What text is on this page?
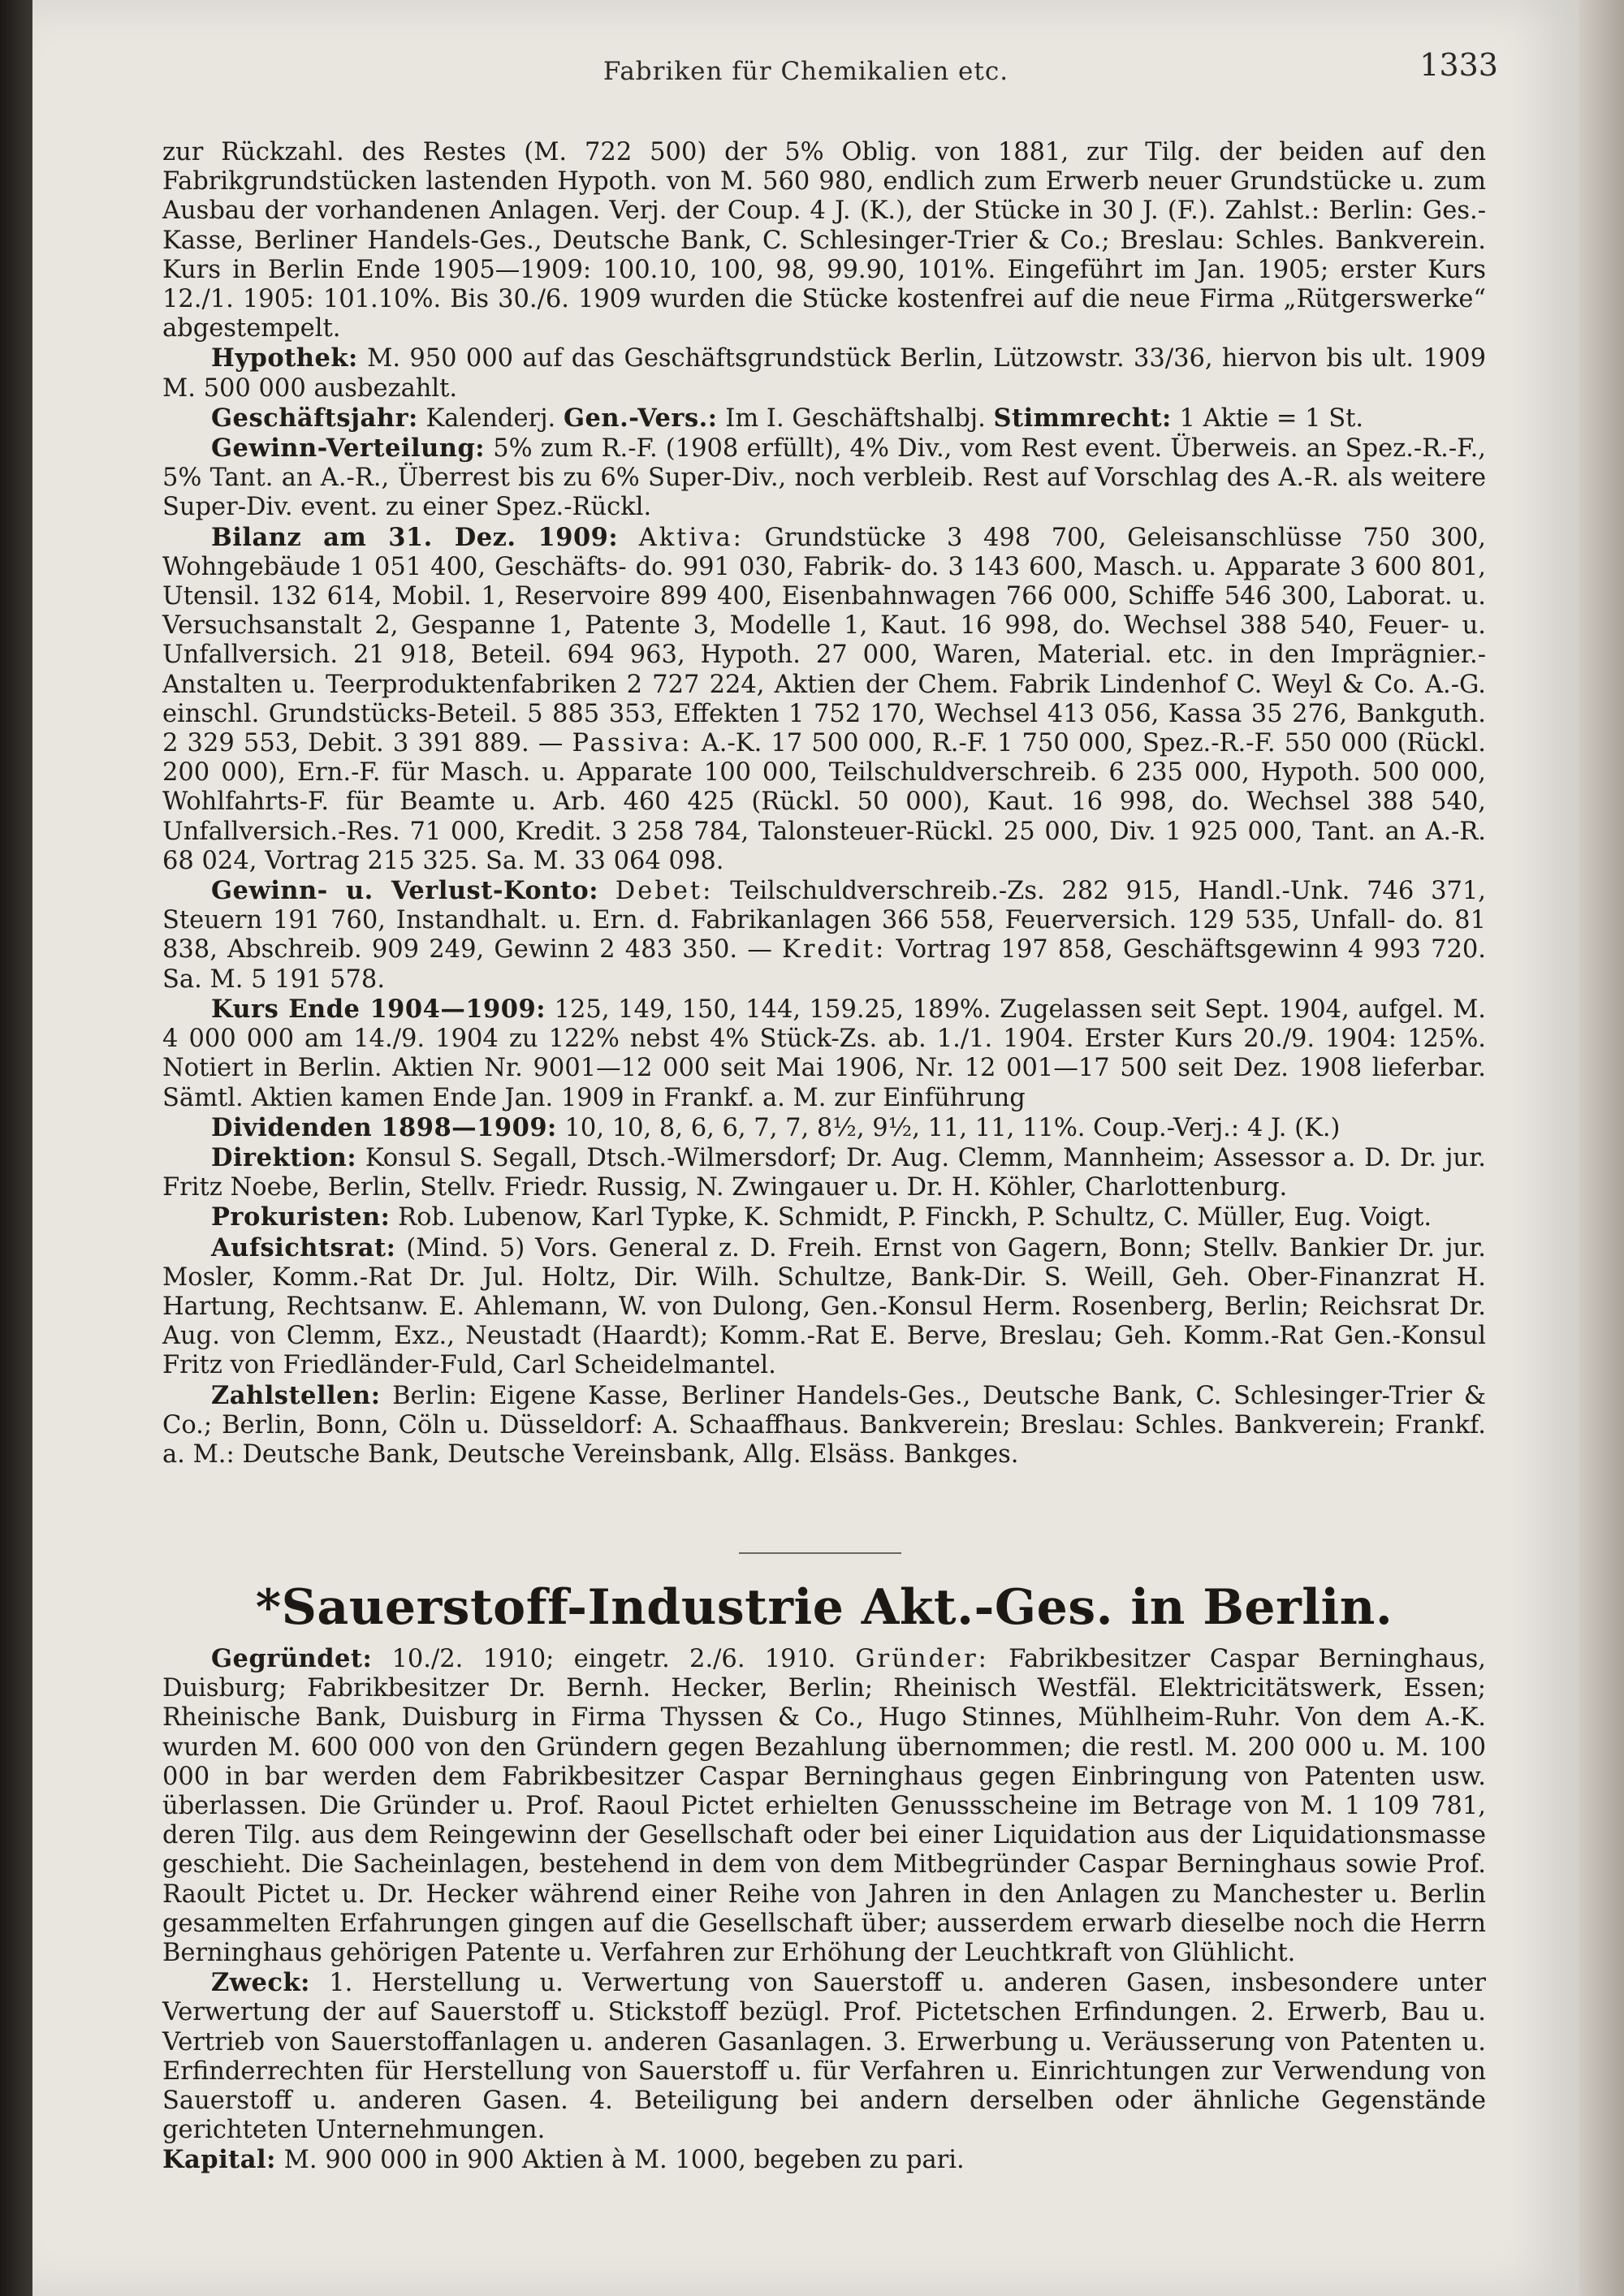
Fabriken für Chemikalien etc.	1333

zur Rückzahl. des Restes (M. 722 500) der 5% Oblig. von 1881, zur Tilg. der beiden auf den Fabrikgrundstücken lastenden Hypoth. von M. 560 980, endlich zum Erwerb neuer Grundstücke u. zum Ausbau der vorhandenen Anlagen. Verj. der Coup. 4 J. (K.), der Stücke in 30 J. (F.). Zahlst.: Berlin: Ges.-Kasse, Berliner Handels-Ges., Deutsche Bank, C. Schlesinger-Trier & Co.; Breslau: Schles. Bankverein. Kurs in Berlin Ende 1905—1909: 100.10, 100, 98, 99.90, 101%. Eingeführt im Jan. 1905; erster Kurs 12./1. 1905: 101.10%. Bis 30./6. 1909 wurden die Stücke kostenfrei auf die neue Firma „Rütgerswerke“ abgestempelt.

Hypothek: M. 950 000 auf das Geschäftsgrundstück Berlin, Lützowstr. 33/36, hiervon bis ult. 1909 M. 500 000 ausbezahlt.

Geschäftsjahr: Kalenderj. Gen.-Vers.: Im I. Geschäftshalbj. Stimmrecht: 1 Aktie = 1 St.

Gewinn-Verteilung: 5% zum R.-F. (1908 erfüllt), 4% Div., vom Rest event. Überweis. an Spez.-R.-F., 5% Tant. an A.-R., Überrest bis zu 6% Super-Div., noch verbleib. Rest auf Vorschlag des A.-R. als weitere Super-Div. event. zu einer Spez.-Rückl.

Bilanz am 31. Dez. 1909: Aktiva: Grundstücke 3 498 700, Geleisanschlüsse 750 300, Wohngebäude 1 051 400, Geschäfts- do. 991 030, Fabrik- do. 3 143 600, Masch. u. Apparate 3 600 801, Utensil. 132 614, Mobil. 1, Reservoire 899 400, Eisenbahnwagen 766 000, Schiffe 546 300, Laborat. u. Versuchsanstalt 2, Gespanne 1, Patente 3, Modelle 1, Kaut. 16 998, do. Wechsel 388 540, Feuer- u. Unfallversich. 21 918, Beteil. 694 963, Hypoth. 27 000, Waren, Material. etc. in den Imprägnier.-Anstalten u. Teerproduktenfabriken 2 727 224, Aktien der Chem. Fabrik Lindenhof C. Weyl & Co. A.-G. einschl. Grundstücks-Beteil. 5 885 353, Effekten 1 752 170, Wechsel 413 056, Kassa 35 276, Bankguth. 2 329 553, Debit. 3 391 889. — Passiva: A.-K. 17 500 000, R.-F. 1 750 000, Spez.-R.-F. 550 000 (Rückl. 200 000), Ern.-F. für Masch. u. Apparate 100 000, Teilschuldverschreib. 6 235 000, Hypoth. 500 000, Wohlfahrts-F. für Beamte u. Arb. 460 425 (Rückl. 50 000), Kaut. 16 998, do. Wechsel 388 540, Unfallversich.-Res. 71 000, Kredit. 3 258 784, Talonsteuer-Rückl. 25 000, Div. 1 925 000, Tant. an A.-R. 68 024, Vortrag 215 325. Sa. M. 33 064 098.

Gewinn- u. Verlust-Konto: Debet: Teilschuldverschreib.-Zs. 282 915, Handl.-Unk. 746 371, Steuern 191 760, Instandhalt. u. Ern. d. Fabrikanlagen 366 558, Feuerversich. 129 535, Unfall- do. 81 838, Abschreib. 909 249, Gewinn 2 483 350. — Kredit: Vortrag 197 858, Geschäftsgewinn 4 993 720. Sa. M. 5 191 578.

Kurs Ende 1904—1909: 125, 149, 150, 144, 159.25, 189%. Zugelassen seit Sept. 1904, aufgel. M. 4 000 000 am 14./9. 1904 zu 122% nebst 4% Stück-Zs. ab. 1./1. 1904. Erster Kurs 20./9. 1904: 125%. Notiert in Berlin. Aktien Nr. 9001—12 000 seit Mai 1906, Nr. 12 001—17 500 seit Dez. 1908 lieferbar. Sämtl. Aktien kamen Ende Jan. 1909 in Frankf. a. M. zur Einführung

Dividenden 1898—1909: 10, 10, 8, 6, 6, 7, 7, 8½, 9½, 11, 11, 11%. Coup.-Verj.: 4 J. (K.)

Direktion: Konsul S. Segall, Dtsch.-Wilmersdorf; Dr. Aug. Clemm, Mannheim; Assessor a. D. Dr. jur. Fritz Noebe, Berlin, Stellv. Friedr. Russig, N. Zwingauer u. Dr. H. Köhler, Charlottenburg.

Prokuristen: Rob. Lubenow, Karl Typke, K. Schmidt, P. Finckh, P. Schultz, C. Müller, Eug. Voigt.

Aufsichtsrat: (Mind. 5) Vors. General z. D. Freih. Ernst von Gagern, Bonn; Stellv. Bankier Dr. jur. Mosler, Komm.-Rat Dr. Jul. Holtz, Dir. Wilh. Schultze, Bank-Dir. S. Weill, Geh. Ober-Finanzrat H. Hartung, Rechtsanw. E. Ahlemann, W. von Dulong, Gen.-Konsul Herm. Rosenberg, Berlin; Reichsrat Dr. Aug. von Clemm, Exz., Neustadt (Haardt); Komm.-Rat E. Berve, Breslau; Geh. Komm.-Rat Gen.-Konsul Fritz von Friedländer-Fuld, Carl Scheidelmantel.

Zahlstellen: Berlin: Eigene Kasse, Berliner Handels-Ges., Deutsche Bank, C. Schlesinger-Trier & Co.; Berlin, Bonn, Cöln u. Düsseldorf: A. Schaaffhaus. Bankverein; Breslau: Schles. Bankverein; Frankf. a. M.: Deutsche Bank, Deutsche Vereinsbank, Allg. Elsäss. Bankges.

*Sauerstoff-Industrie Akt.-Ges. in Berlin.

Gegründet: 10./2. 1910; eingetr. 2./6. 1910. Gründer: Fabrikbesitzer Caspar Berninghaus, Duisburg; Fabrikbesitzer Dr. Bernh. Hecker, Berlin; Rheinisch Westfäl. Elektricitätswerk, Essen; Rheinische Bank, Duisburg in Firma Thyssen & Co., Hugo Stinnes, Mühlheim-Ruhr. Von dem A.-K. wurden M. 600 000 von den Gründern gegen Bezahlung übernommen; die restl. M. 200 000 u. M. 100 000 in bar werden dem Fabrikbesitzer Caspar Berninghaus gegen Einbringung von Patenten usw. überlassen. Die Gründer u. Prof. Raoul Pictet erhielten Genussscheine im Betrage von M. 1 109 781, deren Tilg. aus dem Reingewinn der Gesellschaft oder bei einer Liquidation aus der Liquidationsmasse geschieht. Die Sacheinlagen, bestehend in dem von dem Mitbegründer Caspar Berninghaus sowie Prof. Raoult Pictet u. Dr. Hecker während einer Reihe von Jahren in den Anlagen zu Manchester u. Berlin gesammelten Erfahrungen gingen auf die Gesellschaft über; ausserdem erwarb dieselbe noch die Herrn Berninghaus gehörigen Patente u. Verfahren zur Erhöhung der Leuchtkraft von Glühlicht.

Zweck: 1. Herstellung u. Verwertung von Sauerstoff u. anderen Gasen, insbesondere unter Verwertung der auf Sauerstoff u. Stickstoff bezügl. Prof. Pictetschen Erfindungen. 2. Erwerb, Bau u. Vertrieb von Sauerstoffanlagen u. anderen Gasanlagen. 3. Erwerbung u. Veräusserung von Patenten u. Erfinderrechten für Herstellung von Sauerstoff u. für Verfahren u. Einrichtungen zur Verwendung von Sauerstoff u. anderen Gasen. 4. Beteiligung bei andern derselben oder ähnliche Gegenstände gerichteten Unternehmungen.

Kapital: M. 900 000 in 900 Aktien à M. 1000, begeben zu pari.
